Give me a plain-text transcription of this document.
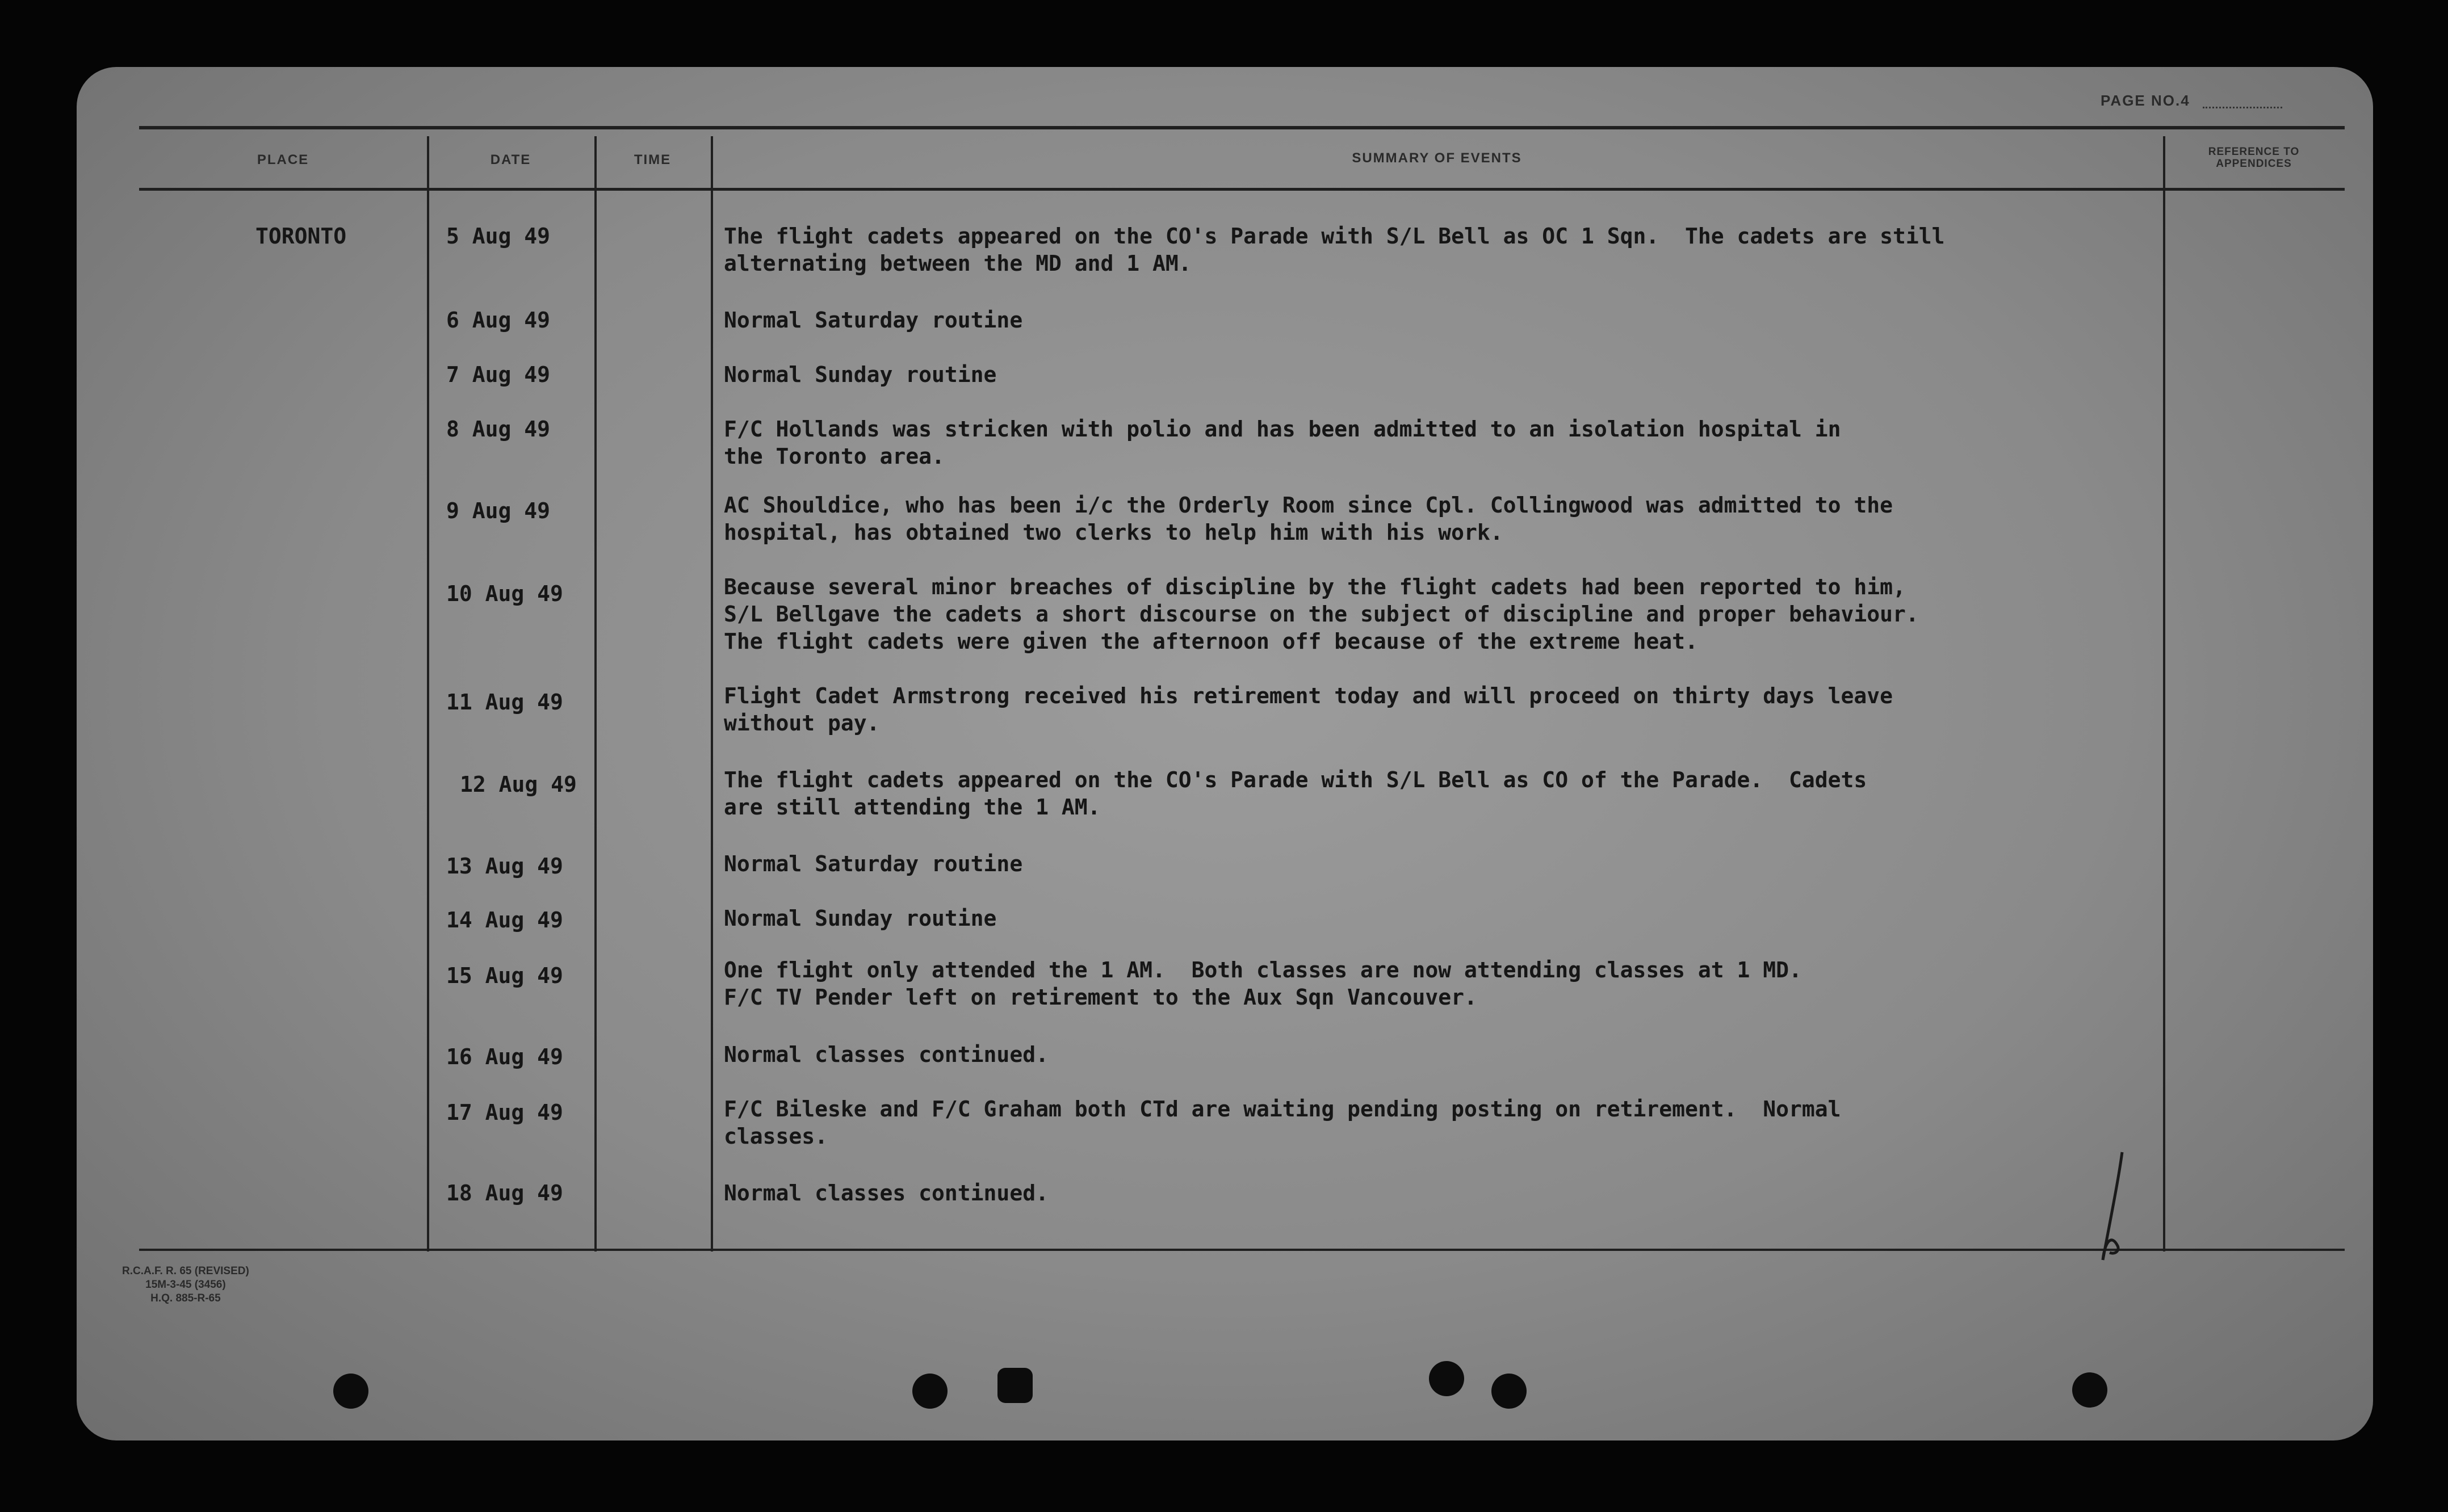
PAGE NO.4
PLACE	DATE	TIME	SUMMARY OF EVENTS	REFERENCE TO
APPENDICES
TORONTO	5 Aug 49	The flight cadets appeared on the CO's Parade with S/L Bell as OC 1 Sqn.  The cadets are still
alternating between the MD and 1 AM.
6 Aug 49	Normal Saturday routine
7 Aug 49	Normal Sunday routine
8 Aug 49	F/C Hollands was stricken with polio and has been admitted to an isolation hospital in
the Toronto area.
9 Aug 49	AC Shouldice, who has been i/c the Orderly Room since Cpl. Collingwood was admitted to the
hospital, has obtained two clerks to help him with his work.
10 Aug 49	Because several minor breaches of discipline by the flight cadets had been reported to him,
S/L Bellgave the cadets a short discourse on the subject of discipline and proper behaviour.
The flight cadets were given the afternoon off because of the extreme heat.
11 Aug 49	Flight Cadet Armstrong received his retirement today and will proceed on thirty days leave
without pay.
12 Aug 49	The flight cadets appeared on the CO's Parade with S/L Bell as CO of the Parade.  Cadets
are still attending the 1 AM.
13 Aug 49	Normal Saturday routine
14 Aug 49	Normal Sunday routine
15 Aug 49	One flight only attended the 1 AM.  Both classes are now attending classes at 1 MD.
F/C TV Pender left on retirement to the Aux Sqn Vancouver.
16 Aug 49	Normal classes continued.
17 Aug 49	F/C Bileske and F/C Graham both CTd are waiting pending posting on retirement.  Normal
classes.
18 Aug 49	Normal classes continued.
R.C.A.F. R. 65 (REVISED)
15M-3-45 (3456)
H.Q. 885-R-65
